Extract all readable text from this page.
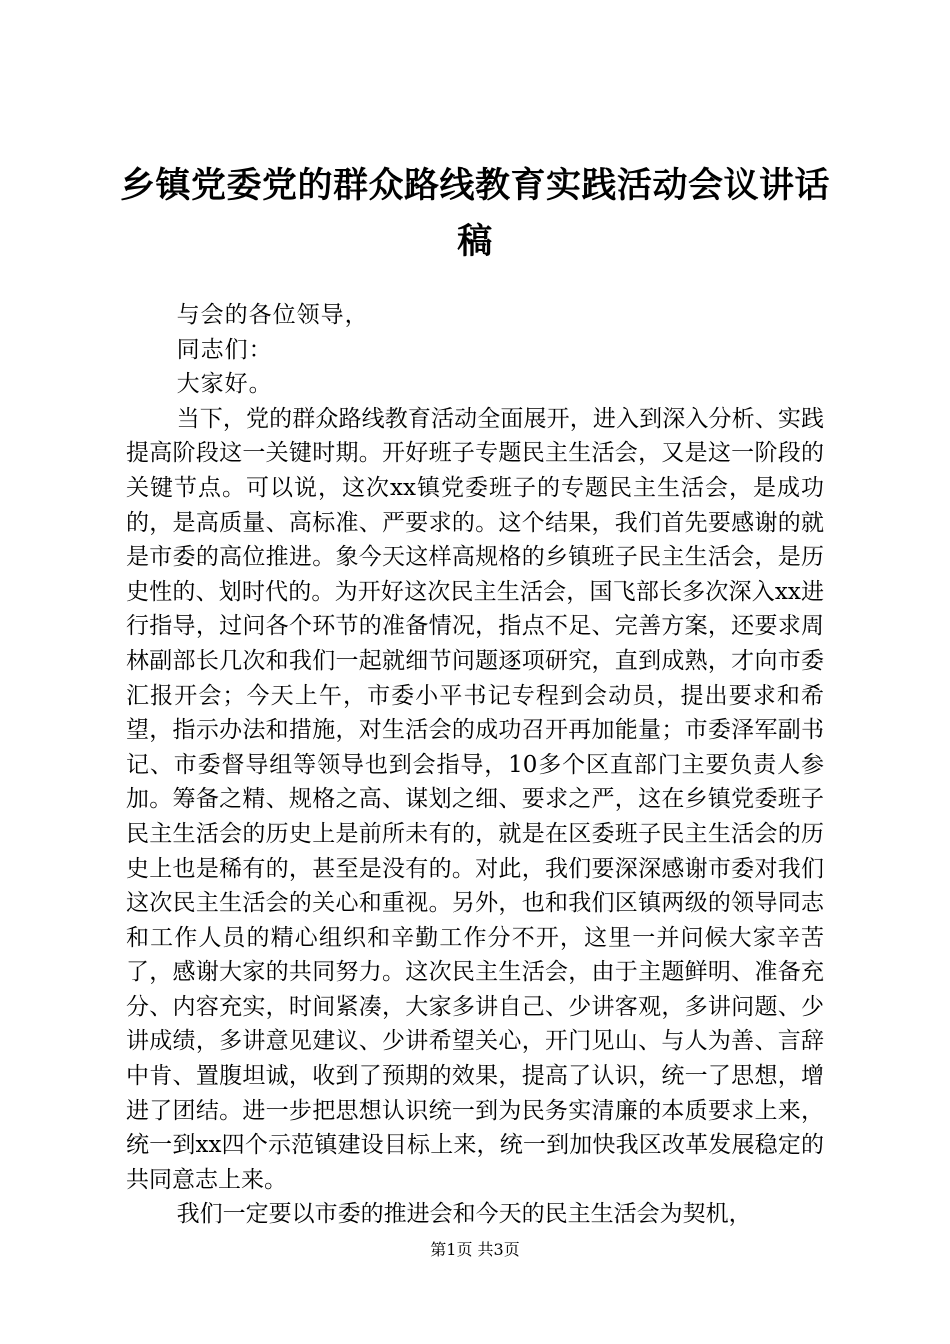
乡镇党委党的群众路线教育实践活动会议讲话稿

与会的各位领导，

同志们：

大家好。

当下，党的群众路线教育活动全面展开，进入到深入分析、实践提高阶段这一关键时期。开好班子专题民主生活会，又是这一阶段的关键节点。可以说，这次xx镇党委班子的专题民主生活会，是成功的，是高质量、高标准、严要求的。这个结果，我们首先要感谢的就是市委的高位推进。象今天这样高规格的乡镇班子民主生活会，是历史性的、划时代的。为开好这次民主生活会，国飞部长多次深入xx进行指导，过问各个环节的准备情况，指点不足、完善方案，还要求周林副部长几次和我们一起就细节问题逐项研究，直到成熟，才向市委汇报开会；今天上午，市委小平书记专程到会动员，提出要求和希望，指示办法和措施，对生活会的成功召开再加能量；市委泽军副书记、市委督导组等领导也到会指导，10多个区直部门主要负责人参加。筹备之精、规格之高、谋划之细、要求之严，这在乡镇党委班子民主生活会的历史上是前所未有的，就是在区委班子民主生活会的历史上也是稀有的，甚至是没有的。对此，我们要深深感谢市委对我们这次民主生活会的关心和重视。另外，也和我们区镇两级的领导同志和工作人员的精心组织和辛勤工作分不开，这里一并问候大家辛苦了，感谢大家的共同努力。这次民主生活会，由于主题鲜明、准备充分、内容充实，时间紧凑，大家多讲自己、少讲客观，多讲问题、少讲成绩，多讲意见建议、少讲希望关心，开门见山、与人为善、言辞中肯、置腹坦诚，收到了预期的效果，提高了认识，统一了思想，增进了团结。进一步把思想认识统一到为民务实清廉的本质要求上来，统一到xx四个示范镇建设目标上来，统一到加快我区改革发展稳定的共同意志上来。

我们一定要以市委的推进会和今天的民主生活会为契机，

第1页 共3页
